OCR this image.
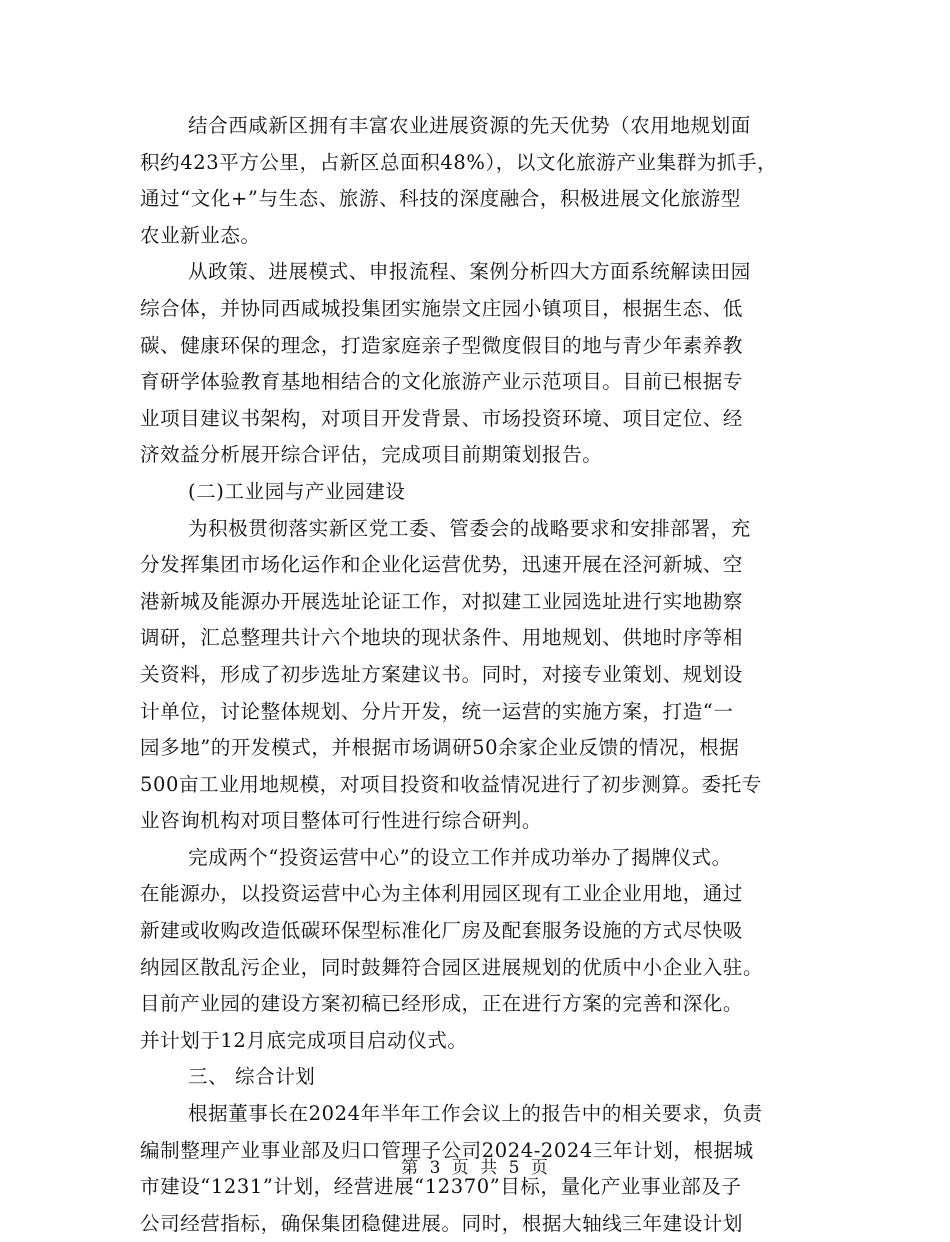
结合西咸新区拥有丰富农业进展资源的先天优势（农用地规划面
积约423平方公里，占新区总面积48%），以文化旅游产业集群为抓手，
通过“文化+”与生态、旅游、科技的深度融合，积极进展文化旅游型
农业新业态。
从政策、进展模式、申报流程、案例分析四大方面系统解读田园
综合体，并协同西咸城投集团实施崇文庄园小镇项目，根据生态、低
碳、健康环保的理念，打造家庭亲子型微度假目的地与青少年素养教
育研学体验教育基地相结合的文化旅游产业示范项目。目前已根据专
业项目建议书架构，对项目开发背景、市场投资环境、项目定位、经
济效益分析展开综合评估，完成项目前期策划报告。
(二)工业园与产业园建设
为积极贯彻落实新区党工委、管委会的战略要求和安排部署，充
分发挥集团市场化运作和企业化运营优势，迅速开展在泾河新城、空
港新城及能源办开展选址论证工作，对拟建工业园选址进行实地勘察
调研，汇总整理共计六个地块的现状条件、用地规划、供地时序等相
关资料，形成了初步选址方案建议书。同时，对接专业策划、规划设
计单位，讨论整体规划、分片开发，统一运营的实施方案，打造“一
园多地”的开发模式，并根据市场调研50余家企业反馈的情况，根据
500亩工业用地规模，对项目投资和收益情况进行了初步测算。委托专
业咨询机构对项目整体可行性进行综合研判。
完成两个“投资运营中心”的设立工作并成功举办了揭牌仪式。
在能源办，以投资运营中心为主体利用园区现有工业企业用地，通过
新建或收购改造低碳环保型标准化厂房及配套服务设施的方式尽快吸
纳园区散乱污企业，同时鼓舞符合园区进展规划的优质中小企业入驻。
目前产业园的建设方案初稿已经形成，正在进行方案的完善和深化。
并计划于12月底完成项目启动仪式。
三、 综合计划
根据董事长在2024年半年工作会议上的报告中的相关要求，负责
编制整理产业事业部及归口管理子公司2024-2024三年计划，根据城
市建设“1231”计划，经营进展“12370”目标，量化产业事业部及子
公司经营指标，确保集团稳健进展。同时，根据大轴线三年建设计划
第 3 页 共 5 页
